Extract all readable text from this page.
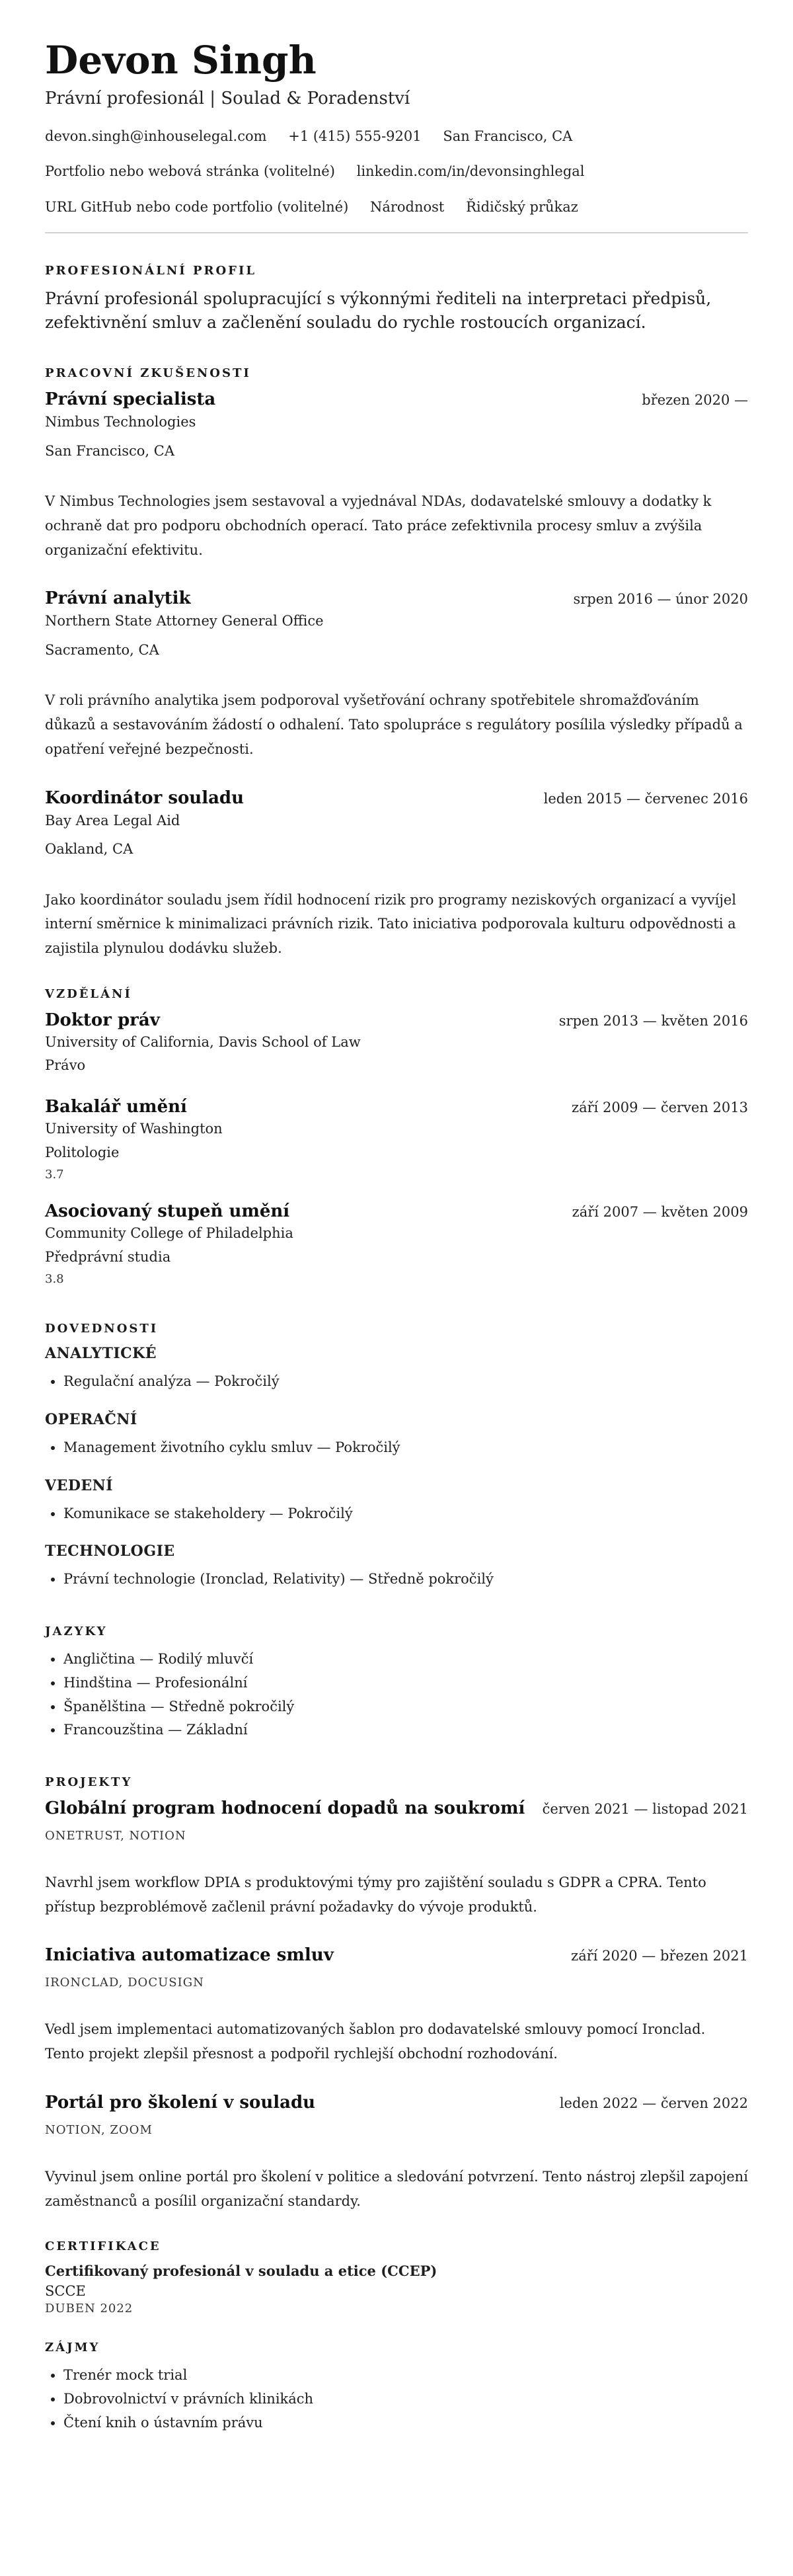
Devon Singh
Právní profesionál | Soulad & Poradenství
devon.singh@inhouselegal.com +1 (415) 555-9201 San Francisco, CA
Portfolio nebo webová stránka (volitelné) linkedin.com/in/devonsinghlegal
URL GitHub nebo code portfolio (volitelné) Národnost Řidičský průkaz
PROFESIONÁLNÍ PROFIL
Právní profesionál spolupracující s výkonnými řediteli na interpretaci předpisů, zefektivnění smluv a začlenění souladu do rychle rostoucích organizací.
PRACOVNÍ ZKUŠENOSTI
Právní specialista	březen 2020 —
Nimbus Technologies
San Francisco, CA
V Nimbus Technologies jsem sestavoval a vyjednával NDAs, dodavatelské smlouvy a dodatky k ochraně dat pro podporu obchodních operací. Tato práce zefektivnila procesy smluv a zvýšila organizační efektivitu.
Právní analytik	srpen 2016 — únor 2020
Northern State Attorney General Office
Sacramento, CA
V roli právního analytika jsem podporoval vyšetřování ochrany spotřebitele shromažďováním důkazů a sestavováním žádostí o odhalení. Tato spolupráce s regulátory posílila výsledky případů a opatření veřejné bezpečnosti.
Koordinátor souladu	leden 2015 — červenec 2016
Bay Area Legal Aid
Oakland, CA
Jako koordinátor souladu jsem řídil hodnocení rizik pro programy neziskových organizací a vyvíjel interní směrnice k minimalizaci právních rizik. Tato iniciativa podporovala kulturu odpovědnosti a zajistila plynulou dodávku služeb.
VZDĚLÁNÍ
Doktor práv	srpen 2013 — květen 2016
University of California, Davis School of Law
Právo
Bakalář umění	září 2009 — červen 2013
University of Washington
Politologie
3.7
Asociovaný stupeň umění	září 2007 — květen 2009
Community College of Philadelphia
Předprávní studia
3.8
DOVEDNOSTI
ANALYTICKÉ
• Regulační analýza — Pokročilý
OPERAČNÍ
• Management životního cyklu smluv — Pokročilý
VEDENÍ
• Komunikace se stakeholdery — Pokročilý
TECHNOLOGIE
• Právní technologie (Ironclad, Relativity) — Středně pokročilý
JAZYKY
• Angličtina — Rodilý mluvčí
• Hindština — Profesionální
• Španělština — Středně pokročilý
• Francouzština — Základní
PROJEKTY
Globální program hodnocení dopadů na soukromí červen 2021 — listopad 2021
ONETRUST, NOTION
Navrhl jsem workflow DPIA s produktovými týmy pro zajištění souladu s GDPR a CPRA. Tento přístup bezproblémově začlenil právní požadavky do vývoje produktů.
Iniciativa automatizace smluv	září 2020 — březen 2021
IRONCLAD, DOCUSIGN
Vedl jsem implementaci automatizovaných šablon pro dodavatelské smlouvy pomocí Ironclad. Tento projekt zlepšil přesnost a podpořil rychlejší obchodní rozhodování.
Portál pro školení v souladu	leden 2022 — červen 2022
NOTION, ZOOM
Vyvinul jsem online portál pro školení v politice a sledování potvrzení. Tento nástroj zlepšil zapojení zaměstnanců a posílil organizační standardy.
CERTIFIKACE
Certifikovaný profesionál v souladu a etice (CCEP)
SCCE
DUBEN 2022
ZÁJMY
• Trenér mock trial
• Dobrovolnictví v právních klinikách
• Čtení knih o ústavním právu
